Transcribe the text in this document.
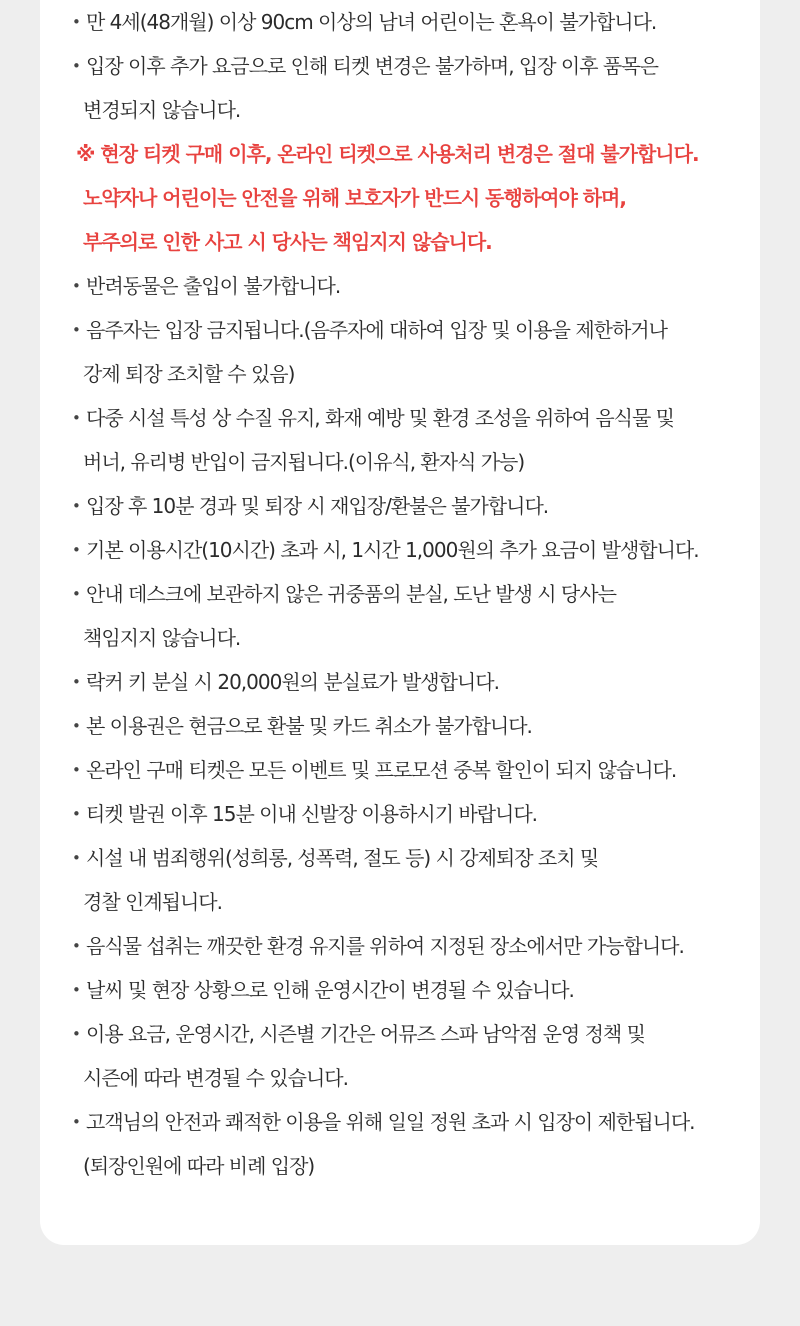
• 만 4세(48개월) 이상 90cm 이상의 남녀 어린이는 혼욕이 불가합니다.
• 입장 이후 추가 요금으로 인해 티켓 변경은 불가하며, 입장 이후 품목은
변경되지 않습니다.
※ 현장 티켓 구매 이후, 온라인 티켓으로 사용처리 변경은 절대 불가합니다.
노약자나 어린이는 안전을 위해 보호자가 반드시 동행하여야 하며,
부주의로 인한 사고 시 당사는 책임지지 않습니다.
• 반려동물은 출입이 불가합니다.
• 음주자는 입장 금지됩니다.(음주자에 대하여 입장 및 이용을 제한하거나
강제 퇴장 조치할 수 있음)
• 다중 시설 특성 상 수질 유지, 화재 예방 및 환경 조성을 위하여 음식물 및
버너, 유리병 반입이 금지됩니다.(이유식, 환자식 가능)
• 입장 후 10분 경과 및 퇴장 시 재입장/환불은 불가합니다.
• 기본 이용시간(10시간) 초과 시, 1시간 1,000원의 추가 요금이 발생합니다.
• 안내 데스크에 보관하지 않은 귀중품의 분실, 도난 발생 시 당사는
책임지지 않습니다.
• 락커 키 분실 시 20,000원의 분실료가 발생합니다.
• 본 이용권은 현금으로 환불 및 카드 취소가 불가합니다.
• 온라인 구매 티켓은 모든 이벤트 및 프로모션 중복 할인이 되지 않습니다.
• 티켓 발권 이후 15분 이내 신발장 이용하시기 바랍니다.
• 시설 내 범죄행위(성희롱, 성폭력, 절도 등) 시 강제퇴장 조치 및
경찰 인계됩니다.
• 음식물 섭취는 깨끗한 환경 유지를 위하여 지정된 장소에서만 가능합니다.
• 날씨 및 현장 상황으로 인해 운영시간이 변경될 수 있습니다.
• 이용 요금, 운영시간, 시즌별 기간은 어뮤즈 스파 남악점 운영 정책 및
시즌에 따라 변경될 수 있습니다.
• 고객님의 안전과 쾌적한 이용을 위해 일일 정원 초과 시 입장이 제한됩니다.
(퇴장인원에 따라 비례 입장)
